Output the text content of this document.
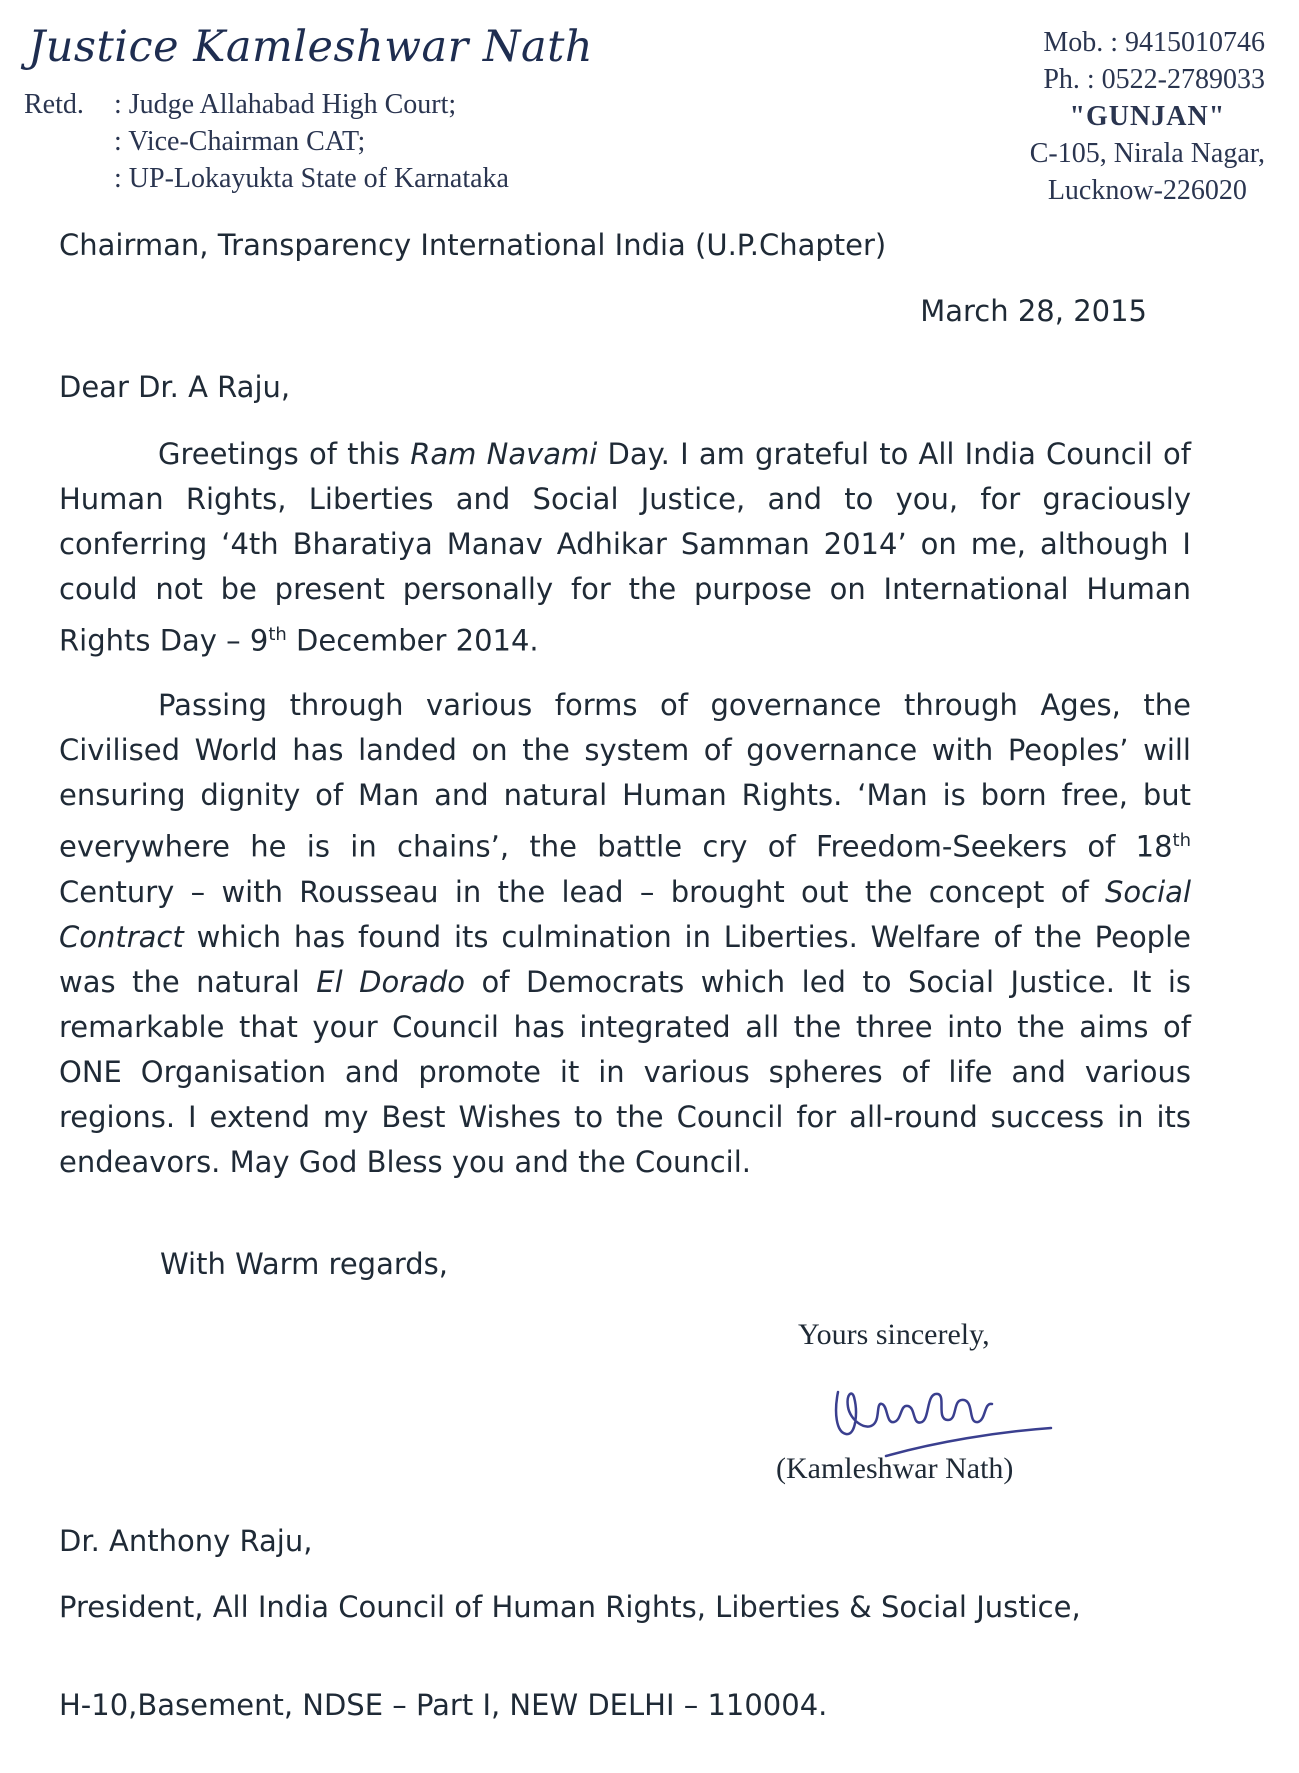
Justice Kamleshwar Nath
Retd.	: Judge Allahabad High Court;
: Vice-Chairman CAT;
: UP-Lokayukta State of Karnataka
Mob. : 9415010746
Ph. : 0522-2789033
"GUNJAN"
C-105, Nirala Nagar,
Lucknow-226020
Chairman, Transparency International India (U.P.Chapter)
March 28, 2015
Dear Dr. A Raju,

Greetings of this Ram Navami Day. I am grateful to All India Council of Human Rights, Liberties and Social Justice, and to you, for graciously conferring ‘4th Bharatiya Manav Adhikar Samman 2014’ on me, although I could not be present personally for the purpose on International Human Rights Day – 9th December 2014.

Passing through various forms of governance through Ages, the Civilised World has landed on the system of governance with Peoples’ will ensuring dignity of Man and natural Human Rights. ‘Man is born free, but everywhere he is in chains’, the battle cry of Freedom-Seekers of 18th Century – with Rousseau in the lead – brought out the concept of Social Contract which has found its culmination in Liberties. Welfare of the People was the natural El Dorado of Democrats which led to Social Justice. It is remarkable that your Council has integrated all the three into the aims of ONE Organisation and promote it in various spheres of life and various regions. I extend my Best Wishes to the Council for all-round success in its endeavors. May God Bless you and the Council.

With Warm regards,
Yours sincerely,
(Kamleshwar Nath)
Dr. Anthony Raju,
President, All India Council of Human Rights, Liberties & Social Justice,
H-10,Basement, NDSE – Part I, NEW DELHI – 110004.
